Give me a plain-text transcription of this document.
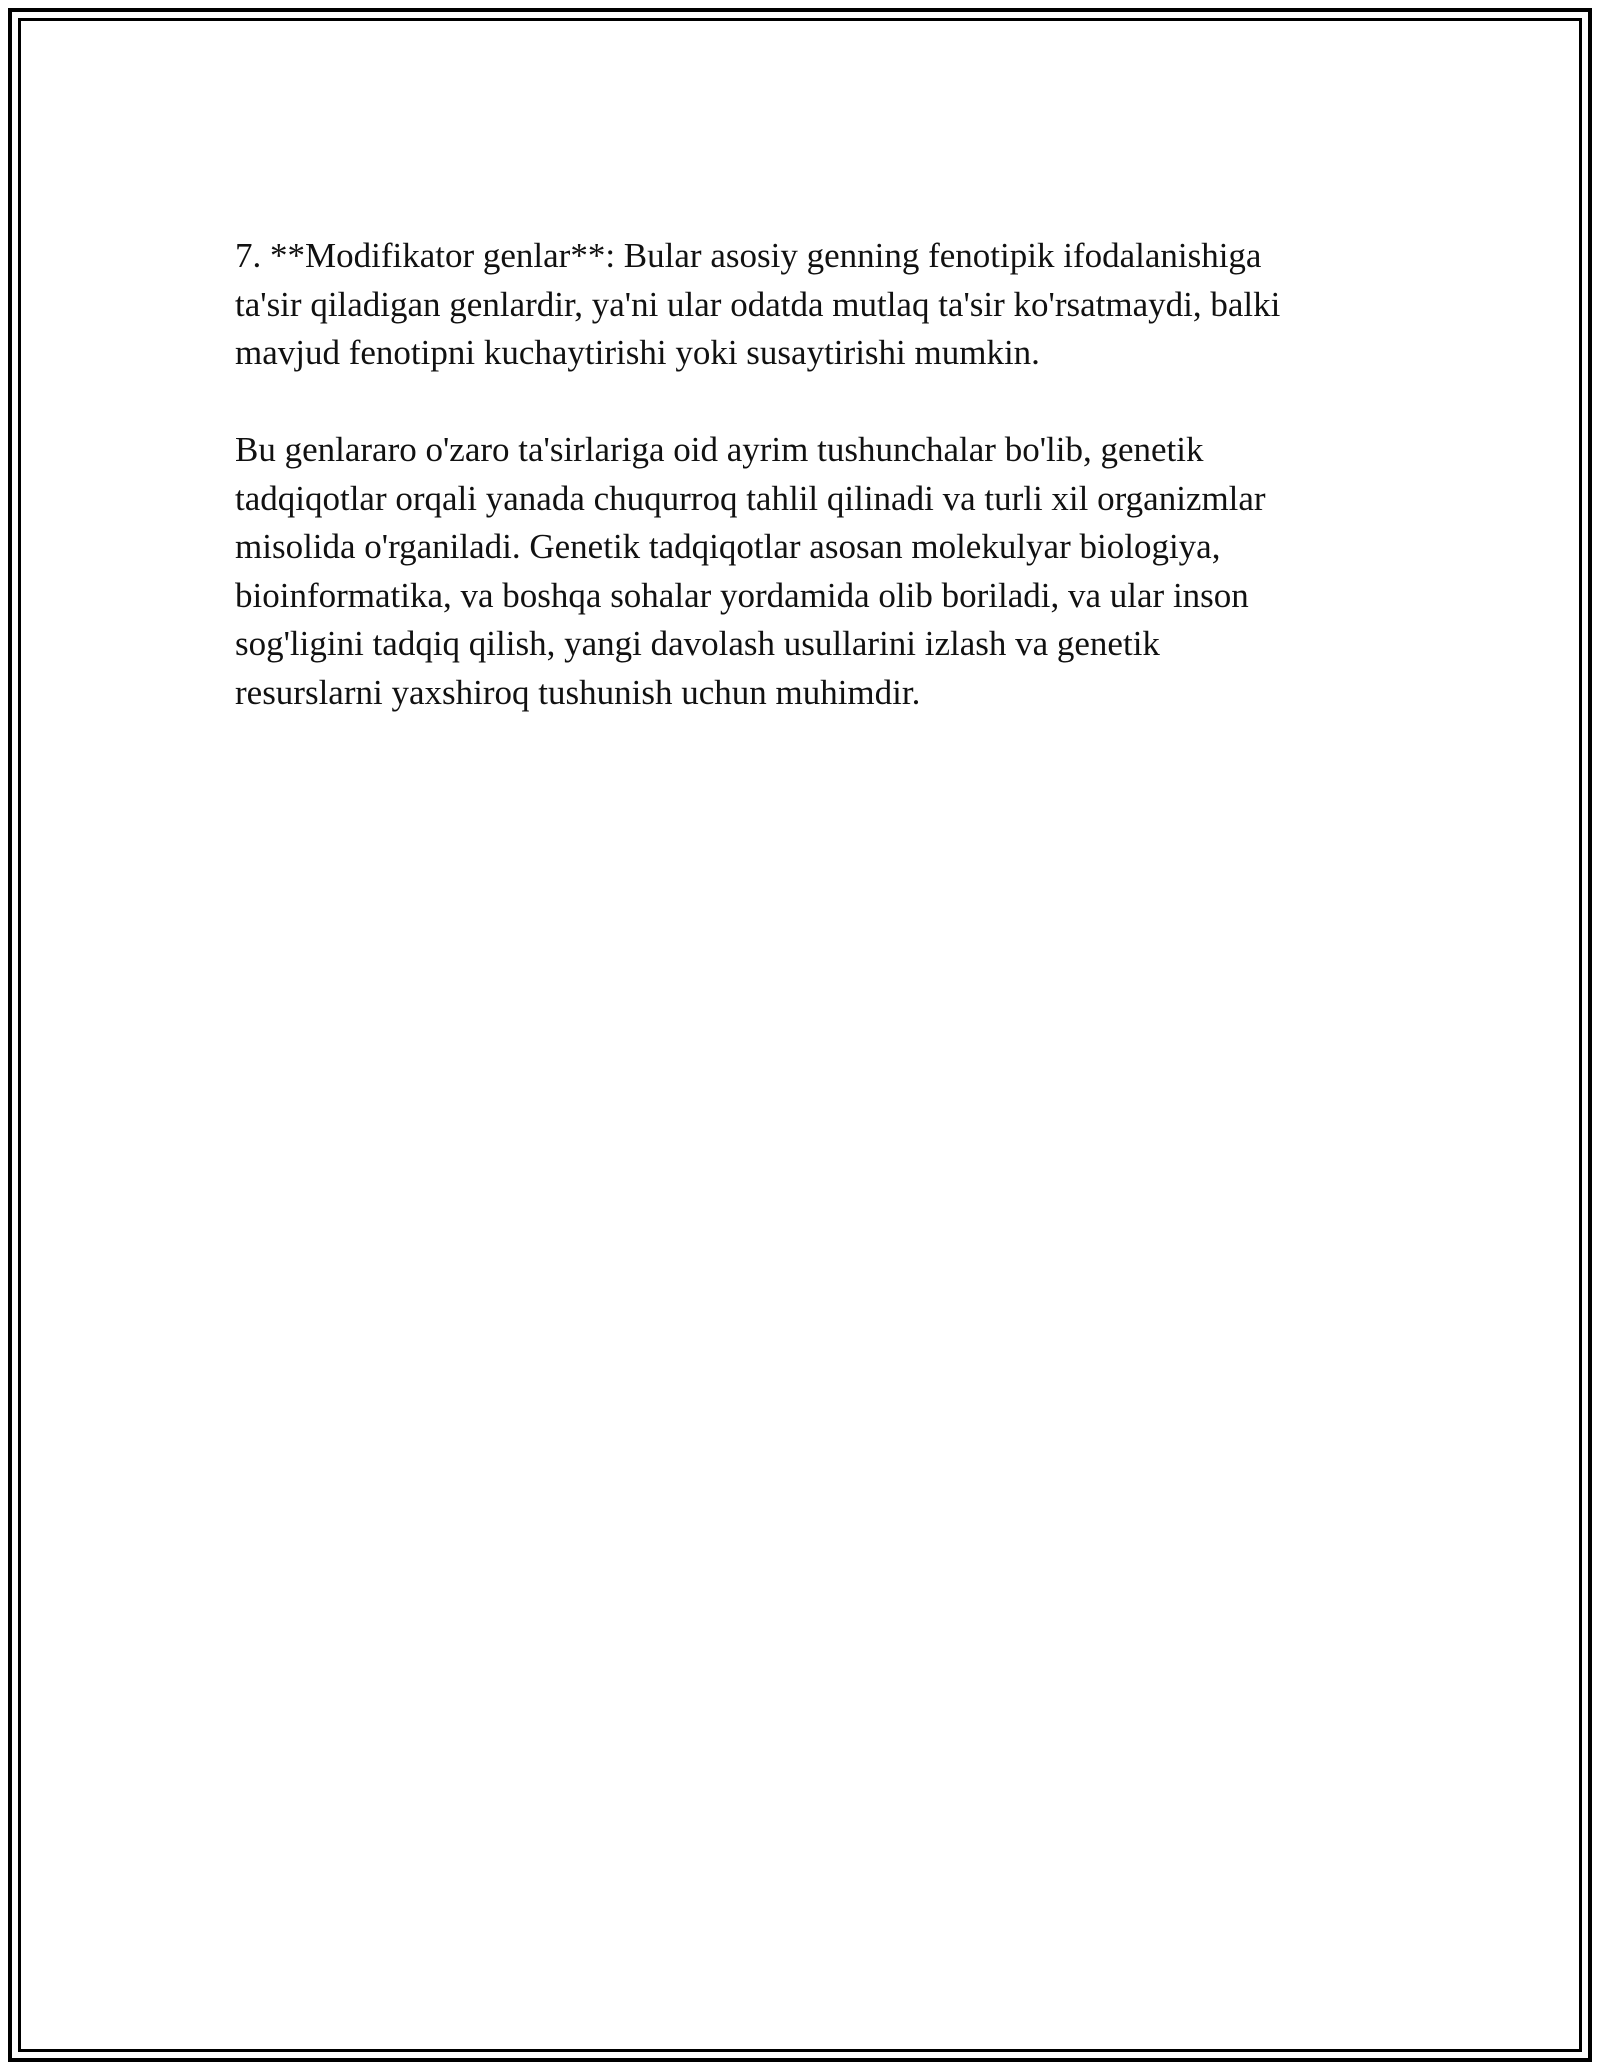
7. **Modifikator genlar**: Bular asosiy genning fenotipik ifodalanishiga
ta'sir qiladigan genlardir, ya'ni ular odatda mutlaq ta'sir ko'rsatmaydi, balki
mavjud fenotipni kuchaytirishi yoki susaytirishi mumkin.

Bu genlararo o'zaro ta'sirlariga oid ayrim tushunchalar bo'lib, genetik
tadqiqotlar orqali yanada chuqurroq tahlil qilinadi va turli xil organizmlar
misolida o'rganiladi. Genetik tadqiqotlar asosan molekulyar biologiya,
bioinformatika, va boshqa sohalar yordamida olib boriladi, va ular inson
sog'ligini tadqiq qilish, yangi davolash usullarini izlash va genetik
resurslarni yaxshiroq tushunish uchun muhimdir.
